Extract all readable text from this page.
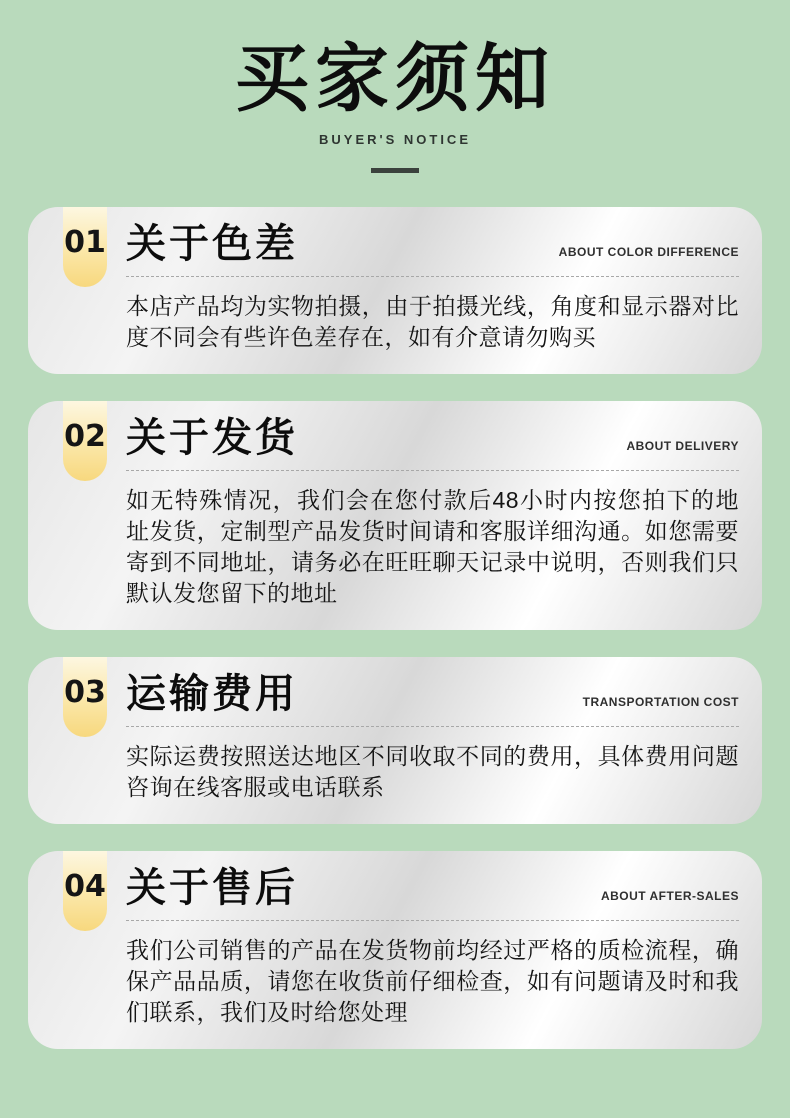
买家须知
BUYER'S NOTICE
01 关于色差	ABOUT COLOR DIFFERENCE
本店产品均为实物拍摄，由于拍摄光线，角度和显示器对比度不同会有些许色差存在，如有介意请勿购买
02 关于发货	ABOUT DELIVERY
如无特殊情况，我们会在您付款后48小时内按您拍下的地址发货，定制型产品发货时间请和客服详细沟通。如您需要寄到不同地址，请务必在旺旺聊天记录中说明，否则我们只默认发您留下的地址
03 运输费用	TRANSPORTATION COST
实际运费按照送达地区不同收取不同的费用，具体费用问题咨询在线客服或电话联系
04 关于售后	ABOUT AFTER-SALES
我们公司销售的产品在发货物前均经过严格的质检流程，确保产品品质，请您在收货前仔细检查，如有问题请及时和我们联系，我们及时给您处理
